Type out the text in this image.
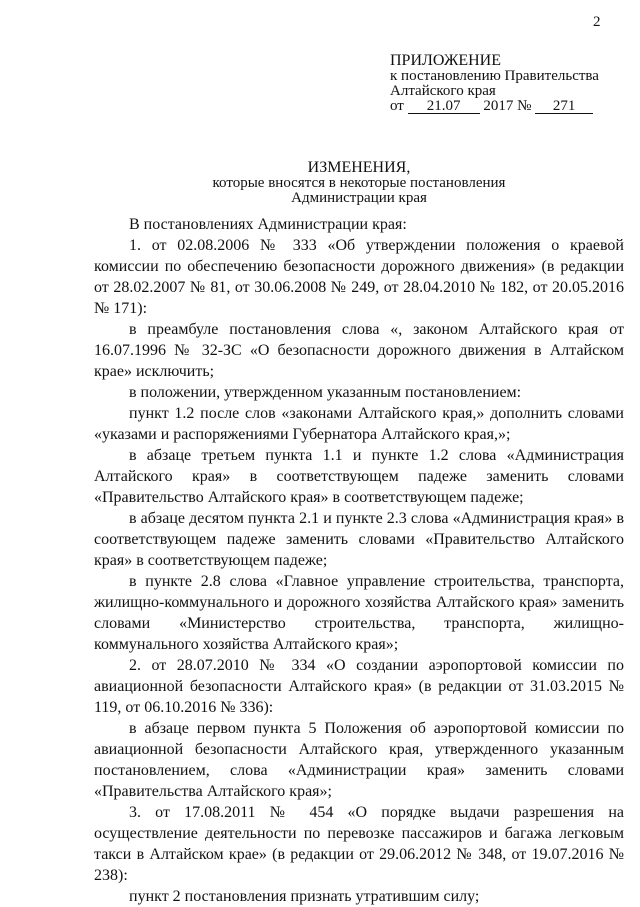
2
ПРИЛОЖЕНИЕ
к постановлению Правительства
Алтайского края
от 21.07 2017 № 271
ИЗМЕНЕНИЯ,
которые вносятся в некоторые постановления
Администрации края

В постановлениях Администрации края:

1. от 02.08.2006 № 333 «Об утверждении положения о краевой комиссии по обеспечению безопасности дорожного движения» (в редакции от 28.02.2007 № 81, от 30.06.2008 № 249, от 28.04.2010 № 182, от 20.05.2016 № 171):

в преамбуле постановления слова «, законом Алтайского края от 16.07.1996 № 32-ЗС «О безопасности дорожного движения в Алтайском крае» исключить;

в положении, утвержденном указанным постановлением:

пункт 1.2 после слов «законами Алтайского края,» дополнить словами «указами и распоряжениями Губернатора Алтайского края,»;

в абзаце третьем пункта 1.1 и пункте 1.2 слова «Администрация Алтайского края» в соответствующем падеже заменить словами «Правительство Алтайского края» в соответствующем падеже;

в абзаце десятом пункта 2.1 и пункте 2.3 слова «Администрация края» в соответствующем падеже заменить словами «Правительство Алтайского края» в соответствующем падеже;

в пункте 2.8 слова «Главное управление строительства, транспорта, жилищно-коммунального и дорожного хозяйства Алтайского края» заменить словами «Министерство строительства, транспорта, жилищно-коммунального хозяйства Алтайского края»;

2. от 28.07.2010 № 334 «О создании аэропортовой комиссии по авиационной безопасности Алтайского края» (в редакции от 31.03.2015 № 119, от 06.10.2016 № 336):

в абзаце первом пункта 5 Положения об аэропортовой комиссии по авиационной безопасности Алтайского края, утвержденного указанным постановлением, слова «Администрации края» заменить словами «Правительства Алтайского края»;

3. от 17.08.2011 № 454 «О порядке выдачи разрешения на осуществление деятельности по перевозке пассажиров и багажа легковым такси в Алтайском крае» (в редакции от 29.06.2012 № 348, от 19.07.2016 № 238):

пункт 2 постановления признать утратившим силу;
